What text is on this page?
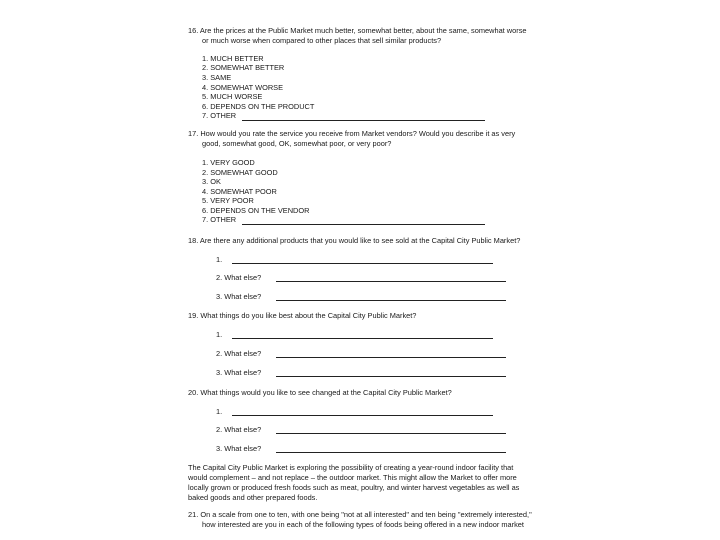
16. Are the prices at the Public Market much better, somewhat better, about the same, somewhat worse
or much worse when compared to other places that sell similar products?
1. MUCH BETTER
2. SOMEWHAT BETTER
3. SAME
4. SOMEWHAT WORSE
5. MUCH WORSE
6. DEPENDS ON THE PRODUCT
7. OTHER
17. How would you rate the service you receive from Market vendors? Would you describe it as very
good, somewhat good, OK, somewhat poor, or very poor?
1. VERY GOOD
2. SOMEWHAT GOOD
3. OK
4. SOMEWHAT POOR
5. VERY POOR
6. DEPENDS ON THE VENDOR
7. OTHER
18. Are there any additional products that you would like to see sold at the Capital City Public Market?
1.
2. What else?
3. What else?
19. What things do you like best about the Capital City Public Market?
1.
2. What else?
3. What else?
20. What things would you like to see changed at the Capital City Public Market?
1.
2. What else?
3. What else?
The Capital City Public Market is exploring the possibility of creating a year-round indoor facility that
would complement – and not replace – the outdoor market. This might allow the Market to offer more
locally grown or produced fresh foods such as meat, poultry, and winter harvest vegetables as well as
baked goods and other prepared foods.
21. On a scale from one to ten, with one being "not at all interested" and ten being "extremely interested,"
how interested are you in each of the following types of foods being offered in a new indoor market
